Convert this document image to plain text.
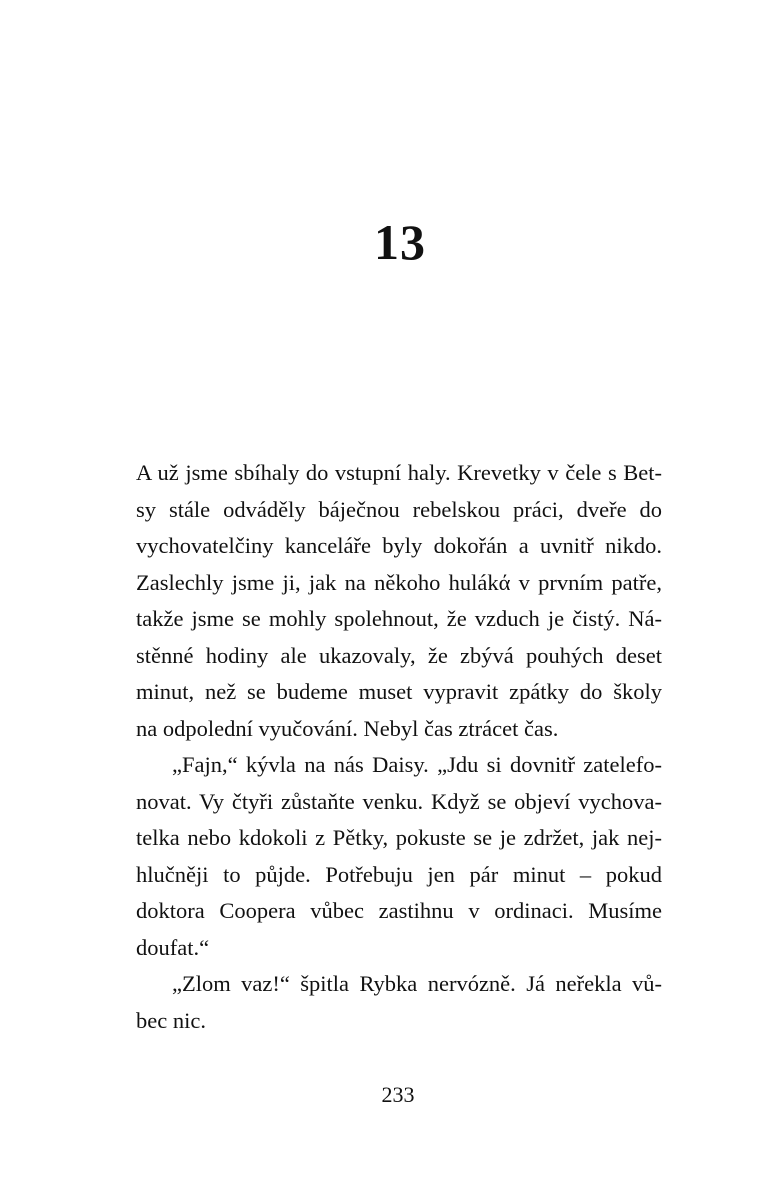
13

A už jsme sbíhaly do vstupní haly. Krevetky v čele s Bet-
sy stále odváděly báječnou rebelskou práci, dveře do
vychovatelčiny kanceláře byly dokořán a uvnitř nikdo.
Zaslechly jsme ji, jak na někoho hulákά v prvním patře,
takže jsme se mohly spolehnout, že vzduch je čistý. Ná-
stěnné hodiny ale ukazovaly, že zbývá pouhých deset
minut, než se budeme muset vypravit zpátky do školy
na odpolední vyučování. Nebyl čas ztrácet čas.

„Fajn,“ kývla na nás Daisy. „Jdu si dovnitř zatelefo-
novat. Vy čtyři zůstaňte venku. Když se objeví vychova-
telka nebo kdokoli z Pětky, pokuste se je zdržet, jak nej-
hlučněji to půjde. Potřebuju jen pár minut – pokud
doktora Coopera vůbec zastihnu v ordinaci. Musíme
doufat.“

„Zlom vaz!“ špitla Rybka nervózně. Já neřekla vů-
bec nic.

233
